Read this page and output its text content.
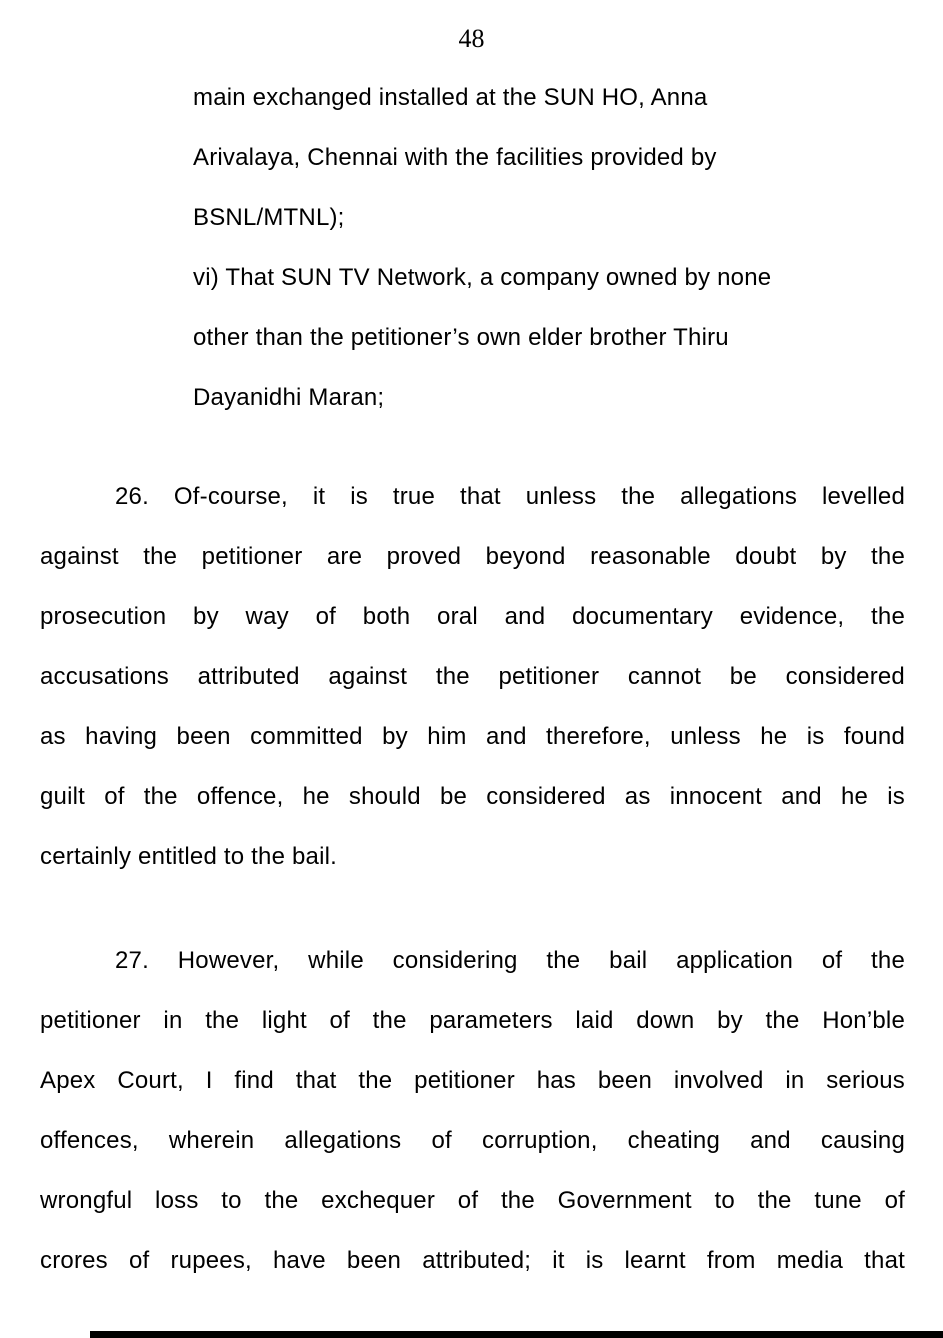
48
main exchanged installed at the SUN HO, Anna
Arivalaya, Chennai with the facilities provided by
BSNL/MTNL);
vi) That SUN TV Network, a company owned by none
other than the petitioner’s own elder brother Thiru
Dayanidhi Maran;
26. Of-course, it is true that unless the allegations levelled
against the petitioner are proved beyond reasonable doubt by the
prosecution by way of both oral and documentary evidence, the
accusations attributed against the petitioner cannot be considered
as having been committed by him and therefore, unless he is found
guilt of the offence, he should be considered as innocent and he is
certainly entitled to the bail.
27. However, while considering the bail application of the
petitioner in the light of the parameters laid down by the Hon’ble
Apex Court, I find that the petitioner has been involved in serious
offences, wherein allegations of corruption, cheating and causing
wrongful loss to the exchequer of the Government to the tune of
crores of rupees, have been attributed; it is learnt from media that
